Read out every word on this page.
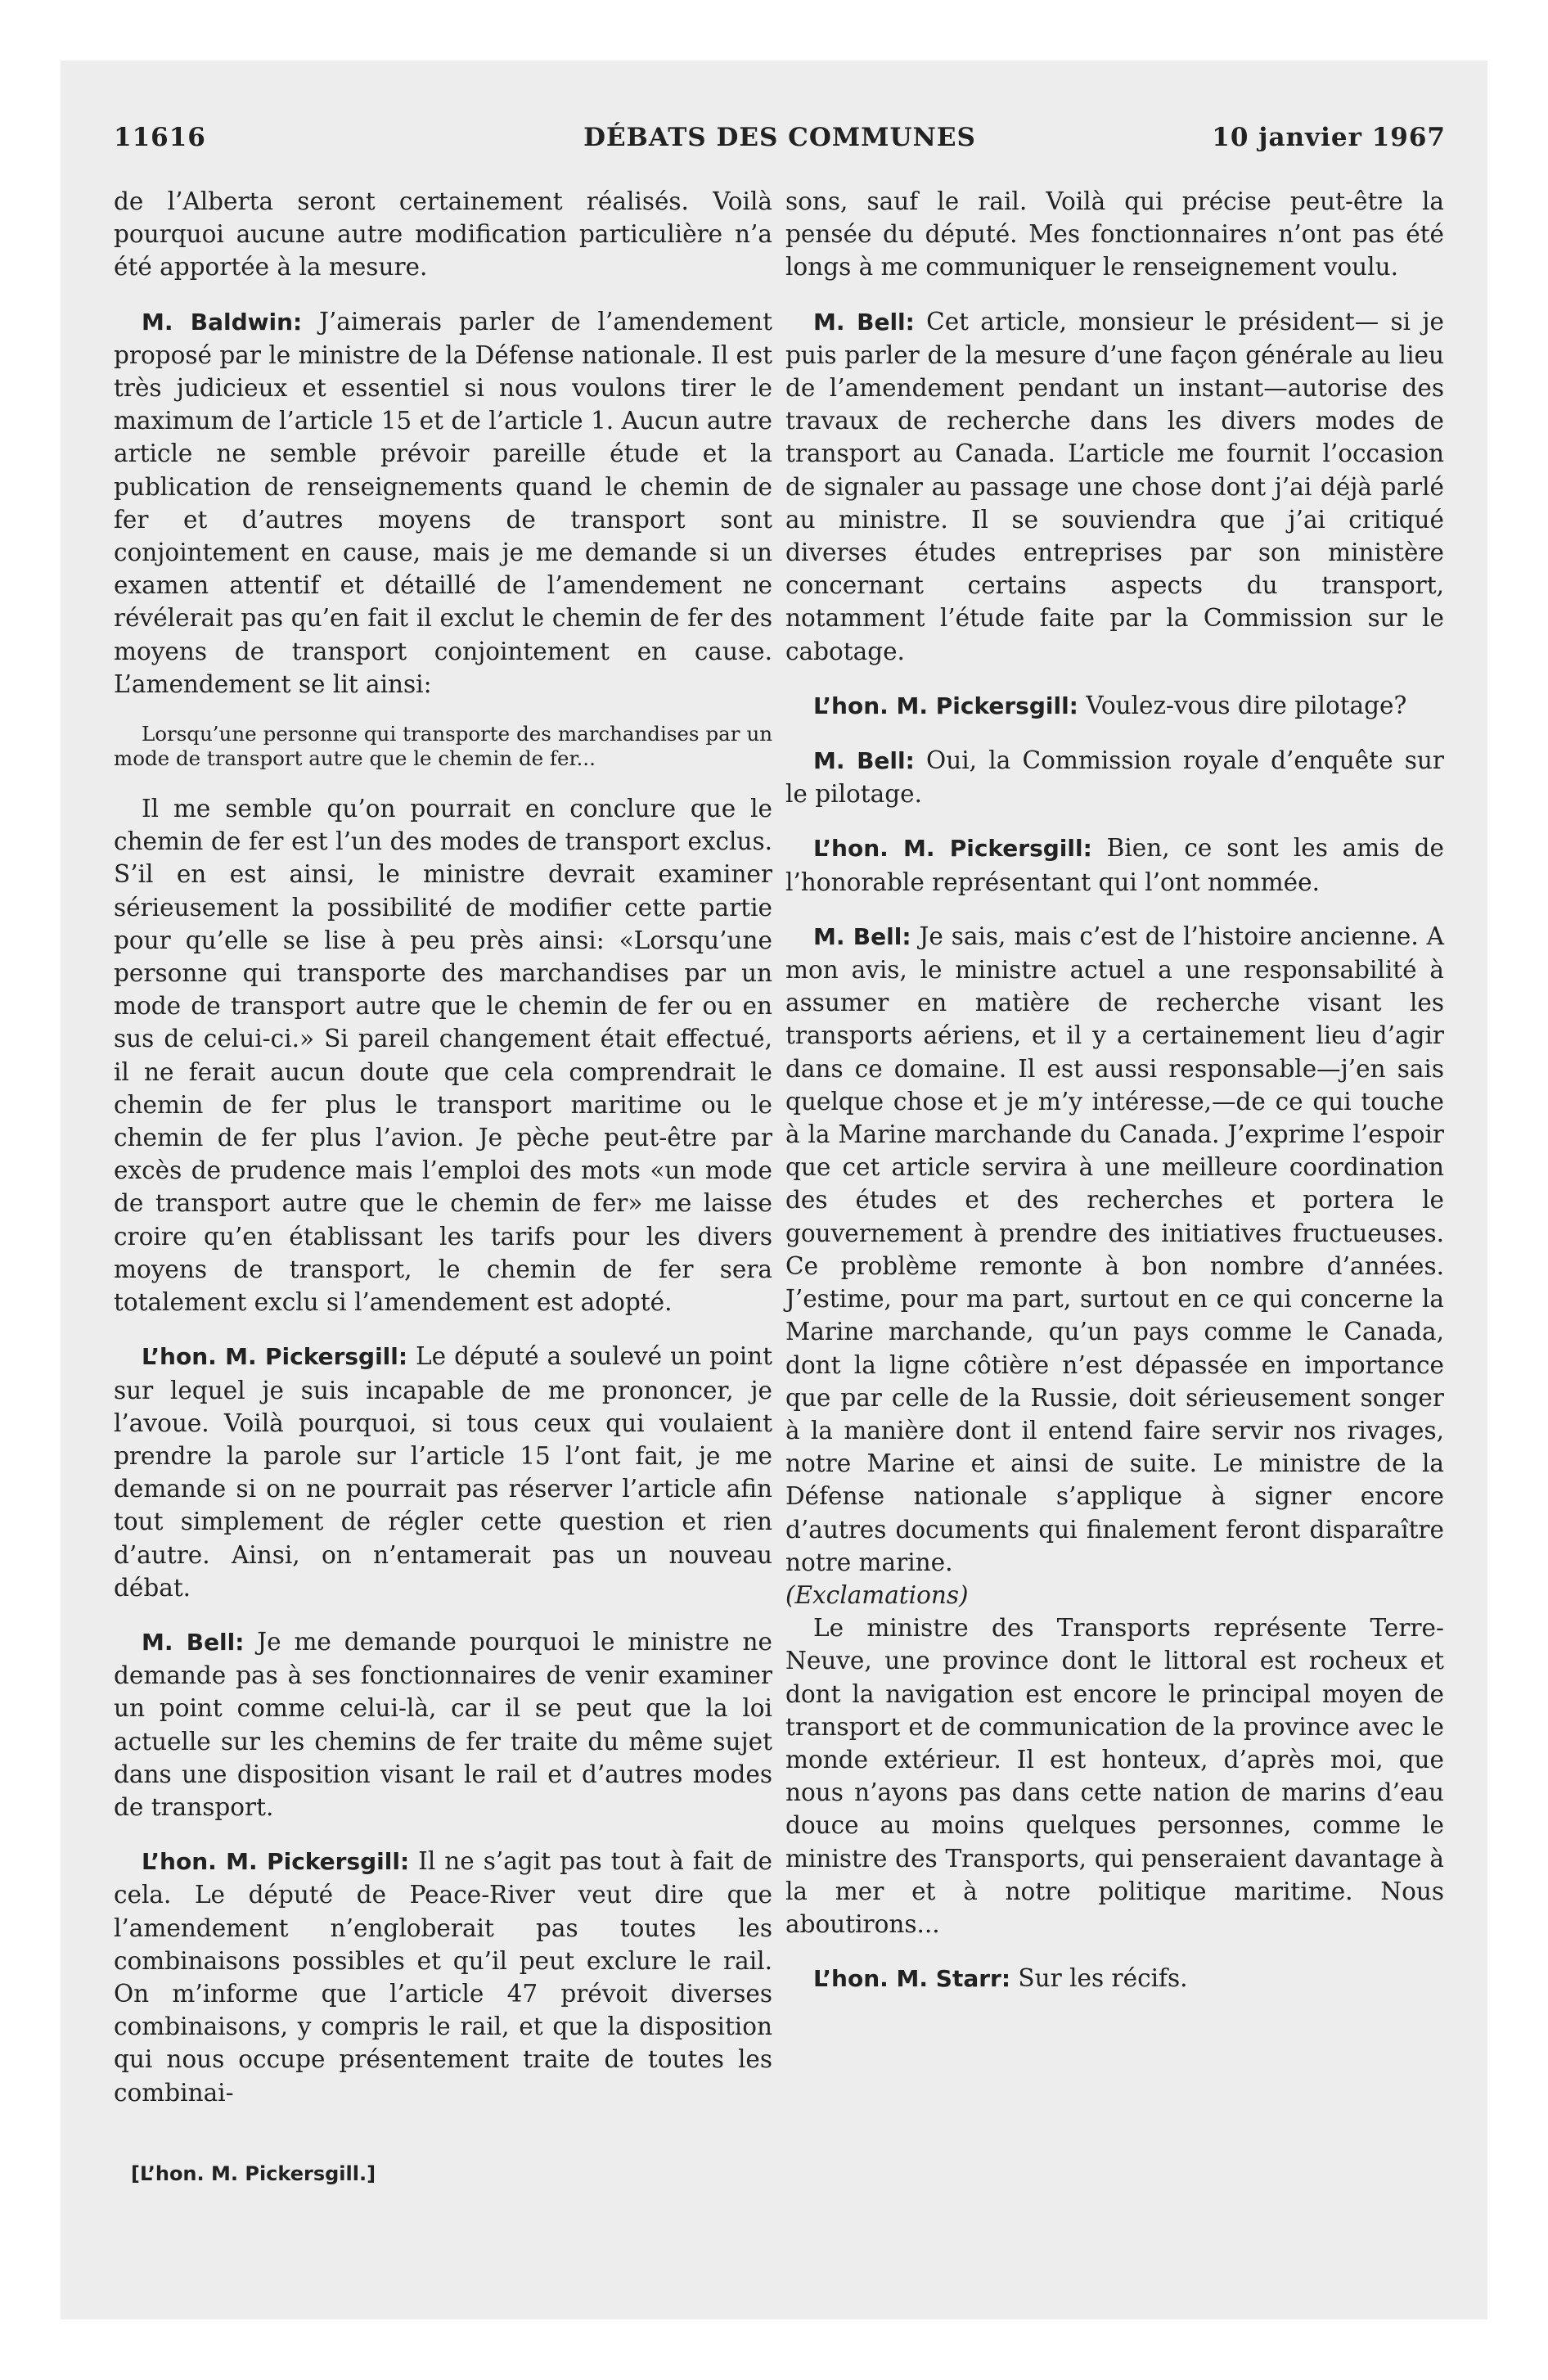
11616	DÉBATS DES COMMUNES	10 janvier 1967

de l’Alberta seront certainement réalisés. Voilà pourquoi aucune autre modification particulière n’a été apportée à la mesure.

M. Baldwin: J’aimerais parler de l’amendement proposé par le ministre de la Défense nationale. Il est très judicieux et essentiel si nous voulons tirer le maximum de l’article 15 et de l’article 1. Aucun autre article ne semble prévoir pareille étude et la publication de renseignements quand le chemin de fer et d’autres moyens de transport sont conjointement en cause, mais je me demande si un examen attentif et détaillé de l’amendement ne révélerait pas qu’en fait il exclut le chemin de fer des moyens de transport conjointement en cause. L’amendement se lit ainsi:

Lorsqu’une personne qui transporte des marchandises par un mode de transport autre que le chemin de fer...

Il me semble qu’on pourrait en conclure que le chemin de fer est l’un des modes de transport exclus. S’il en est ainsi, le ministre devrait examiner sérieusement la possibilité de modifier cette partie pour qu’elle se lise à peu près ainsi: «Lorsqu’une personne qui transporte des marchandises par un mode de transport autre que le chemin de fer ou en sus de celui-ci.» Si pareil changement était effectué, il ne ferait aucun doute que cela comprendrait le chemin de fer plus le transport maritime ou le chemin de fer plus l’avion. Je pèche peut-être par excès de prudence mais l’emploi des mots «un mode de transport autre que le chemin de fer» me laisse croire qu’en établissant les tarifs pour les divers moyens de transport, le chemin de fer sera totalement exclu si l’amendement est adopté.

L’hon. M. Pickersgill: Le député a soulevé un point sur lequel je suis incapable de me prononcer, je l’avoue. Voilà pourquoi, si tous ceux qui voulaient prendre la parole sur l’article 15 l’ont fait, je me demande si on ne pourrait pas réserver l’article afin tout simplement de régler cette question et rien d’autre. Ainsi, on n’entamerait pas un nouveau débat.

M. Bell: Je me demande pourquoi le ministre ne demande pas à ses fonctionnaires de venir examiner un point comme celui-là, car il se peut que la loi actuelle sur les chemins de fer traite du même sujet dans une disposition visant le rail et d’autres modes de transport.

L’hon. M. Pickersgill: Il ne s’agit pas tout à fait de cela. Le député de Peace-River veut dire que l’amendement n’engloberait pas toutes les combinaisons possibles et qu’il peut exclure le rail. On m’informe que l’article 47 prévoit diverses combinaisons, y compris le rail, et que la disposition qui nous occupe présentement traite de toutes les combinai-

sons, sauf le rail. Voilà qui précise peut-être la pensée du député. Mes fonctionnaires n’ont pas été longs à me communiquer le renseignement voulu.

M. Bell: Cet article, monsieur le président— si je puis parler de la mesure d’une façon générale au lieu de l’amendement pendant un instant—autorise des travaux de recherche dans les divers modes de transport au Canada. L’article me fournit l’occasion de signaler au passage une chose dont j’ai déjà parlé au ministre. Il se souviendra que j’ai critiqué diverses études entreprises par son ministère concernant certains aspects du transport, notamment l’étude faite par la Commission sur le cabotage.

L’hon. M. Pickersgill: Voulez-vous dire pilotage?

M. Bell: Oui, la Commission royale d’enquête sur le pilotage.

L’hon. M. Pickersgill: Bien, ce sont les amis de l’honorable représentant qui l’ont nommée.

M. Bell: Je sais, mais c’est de l’histoire ancienne. A mon avis, le ministre actuel a une responsabilité à assumer en matière de recherche visant les transports aériens, et il y a certainement lieu d’agir dans ce domaine. Il est aussi responsable—j’en sais quelque chose et je m’y intéresse,—de ce qui touche à la Marine marchande du Canada. J’exprime l’espoir que cet article servira à une meilleure coordination des études et des recherches et portera le gouvernement à prendre des initiatives fructueuses. Ce problème remonte à bon nombre d’années. J’estime, pour ma part, surtout en ce qui concerne la Marine marchande, qu’un pays comme le Canada, dont la ligne côtière n’est dépassée en importance que par celle de la Russie, doit sérieusement songer à la manière dont il entend faire servir nos rivages, notre Marine et ainsi de suite. Le ministre de la Défense nationale s’applique à signer encore d’autres documents qui finalement feront disparaître notre marine.

(Exclamations)

Le ministre des Transports représente Terre-Neuve, une province dont le littoral est rocheux et dont la navigation est encore le principal moyen de transport et de communication de la province avec le monde extérieur. Il est honteux, d’après moi, que nous n’ayons pas dans cette nation de marins d’eau douce au moins quelques personnes, comme le ministre des Transports, qui penseraient davantage à la mer et à notre politique maritime. Nous aboutirons...

L’hon. M. Starr: Sur les récifs.

[L’hon. M. Pickersgill.]
